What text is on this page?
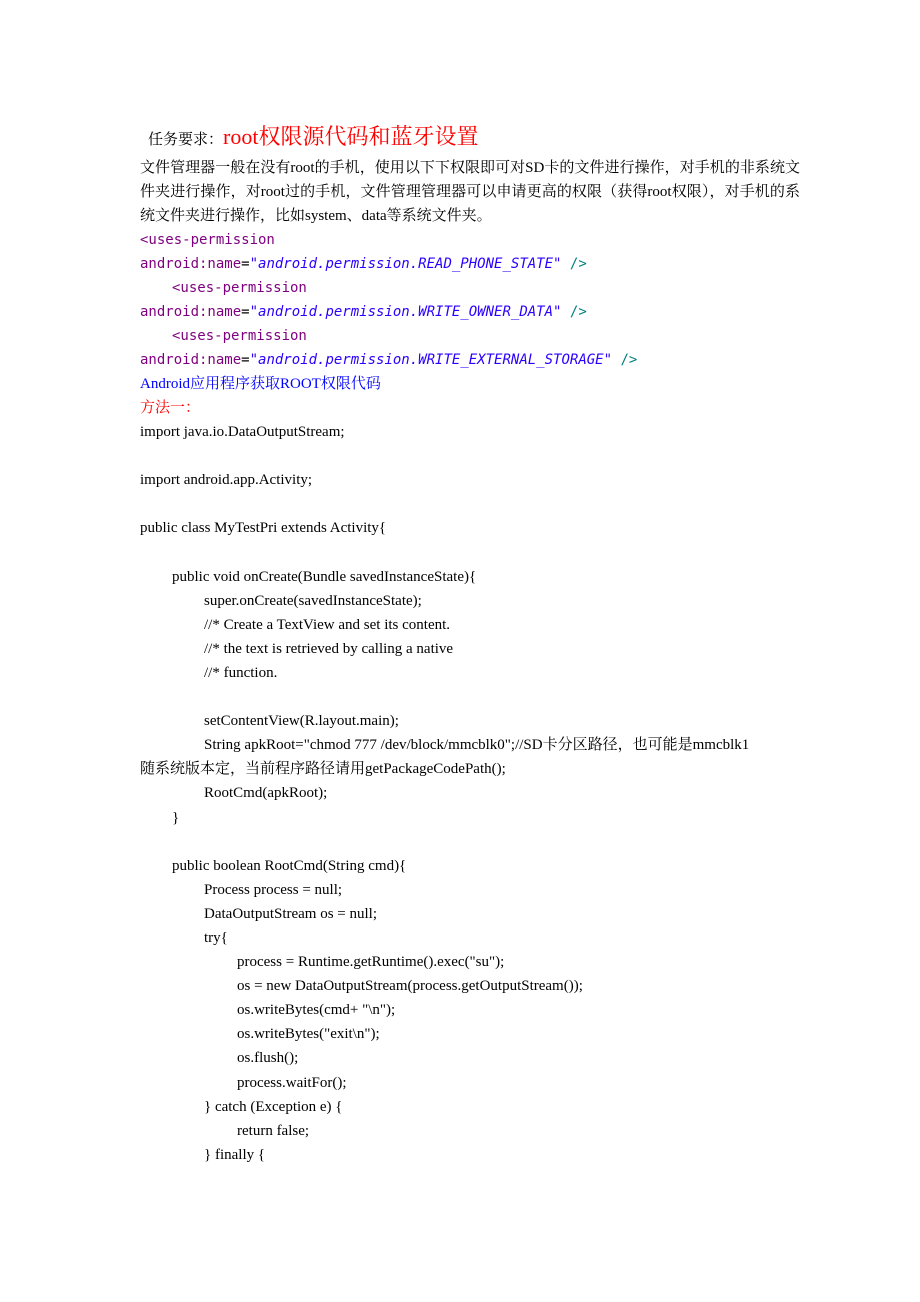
任务要求：root权限源代码和蓝牙设置

文件管理器一般在没有root的手机，使用以下下权限即可对SD卡的文件进行操作，对手机的非系统文件夹进行操作，对root过的手机，文件管理管理器可以申请更高的权限（获得root权限），对手机的系统文件夹进行操作，比如system、data等系统文件夹。

<uses-permission
android:name="android.permission.READ_PHONE_STATE" />
<uses-permission
android:name="android.permission.WRITE_OWNER_DATA" />
<uses-permission
android:name="android.permission.WRITE_EXTERNAL_STORAGE" />
Android应用程序获取ROOT权限代码
方法一：
import java.io.DataOutputStream;
import android.app.Activity;
public class MyTestPri extends Activity{
public void onCreate(Bundle savedInstanceState){
super.onCreate(savedInstanceState);
//* Create a TextView and set its content.
//* the text is retrieved by calling a native
//* function.
setContentView(R.layout.main);
String apkRoot="chmod 777 /dev/block/mmcblk0";//SD卡分区路径，也可能是mmcblk1
随系统版本定，当前程序路径请用getPackageCodePath();
RootCmd(apkRoot);
}
public boolean RootCmd(String cmd){
Process process = null;
DataOutputStream os = null;
try{
process = Runtime.getRuntime().exec("su");
os = new DataOutputStream(process.getOutputStream());
os.writeBytes(cmd+ "\n");
os.writeBytes("exit\n");
os.flush();
process.waitFor();
} catch (Exception e) {
return false;
} finally {
